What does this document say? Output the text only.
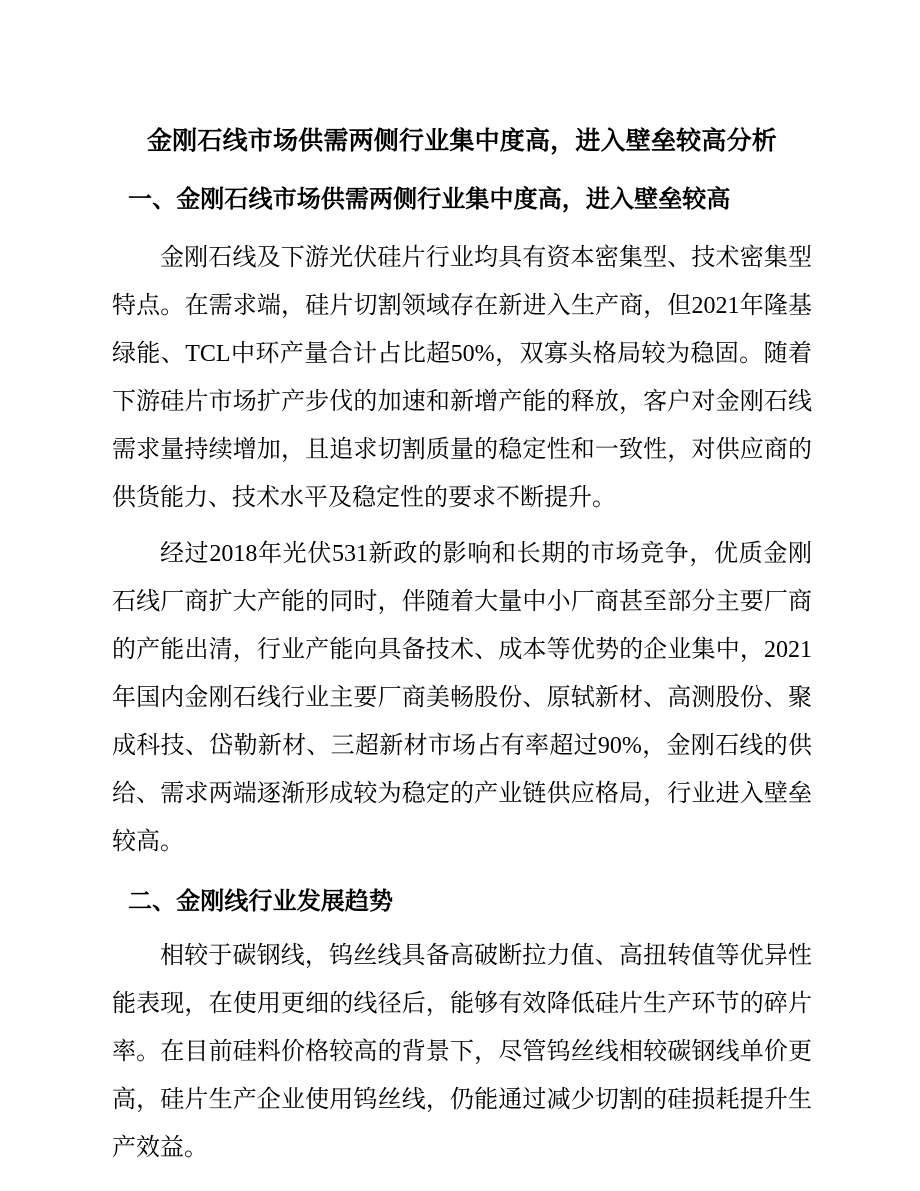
金刚石线市场供需两侧行业集中度高，进入壁垒较高分析
一、金刚石线市场供需两侧行业集中度高，进入壁垒较高

金刚石线及下游光伏硅片行业均具有资本密集型、技术密集型特点。在需求端，硅片切割领域存在新进入生产商，但2021年隆基绿能、TCL中环产量合计占比超50%，双寡头格局较为稳固。随着下游硅片市场扩产步伐的加速和新增产能的释放，客户对金刚石线需求量持续增加，且追求切割质量的稳定性和一致性，对供应商的供货能力、技术水平及稳定性的要求不断提升。

经过2018年光伏531新政的影响和长期的市场竞争，优质金刚石线厂商扩大产能的同时，伴随着大量中小厂商甚至部分主要厂商的产能出清，行业产能向具备技术、成本等优势的企业集中，2021年国内金刚石线行业主要厂商美畅股份、原轼新材、高测股份、聚成科技、岱勒新材、三超新材市场占有率超过90%，金刚石线的供给、需求两端逐渐形成较为稳定的产业链供应格局，行业进入壁垒较高。

二、金刚线行业发展趋势

相较于碳钢线，钨丝线具备高破断拉力值、高扭转值等优异性能表现，在使用更细的线径后，能够有效降低硅片生产环节的碎片率。在目前硅料价格较高的背景下，尽管钨丝线相较碳钢线单价更高，硅片生产企业使用钨丝线，仍能通过减少切割的硅损耗提升生产效益。
